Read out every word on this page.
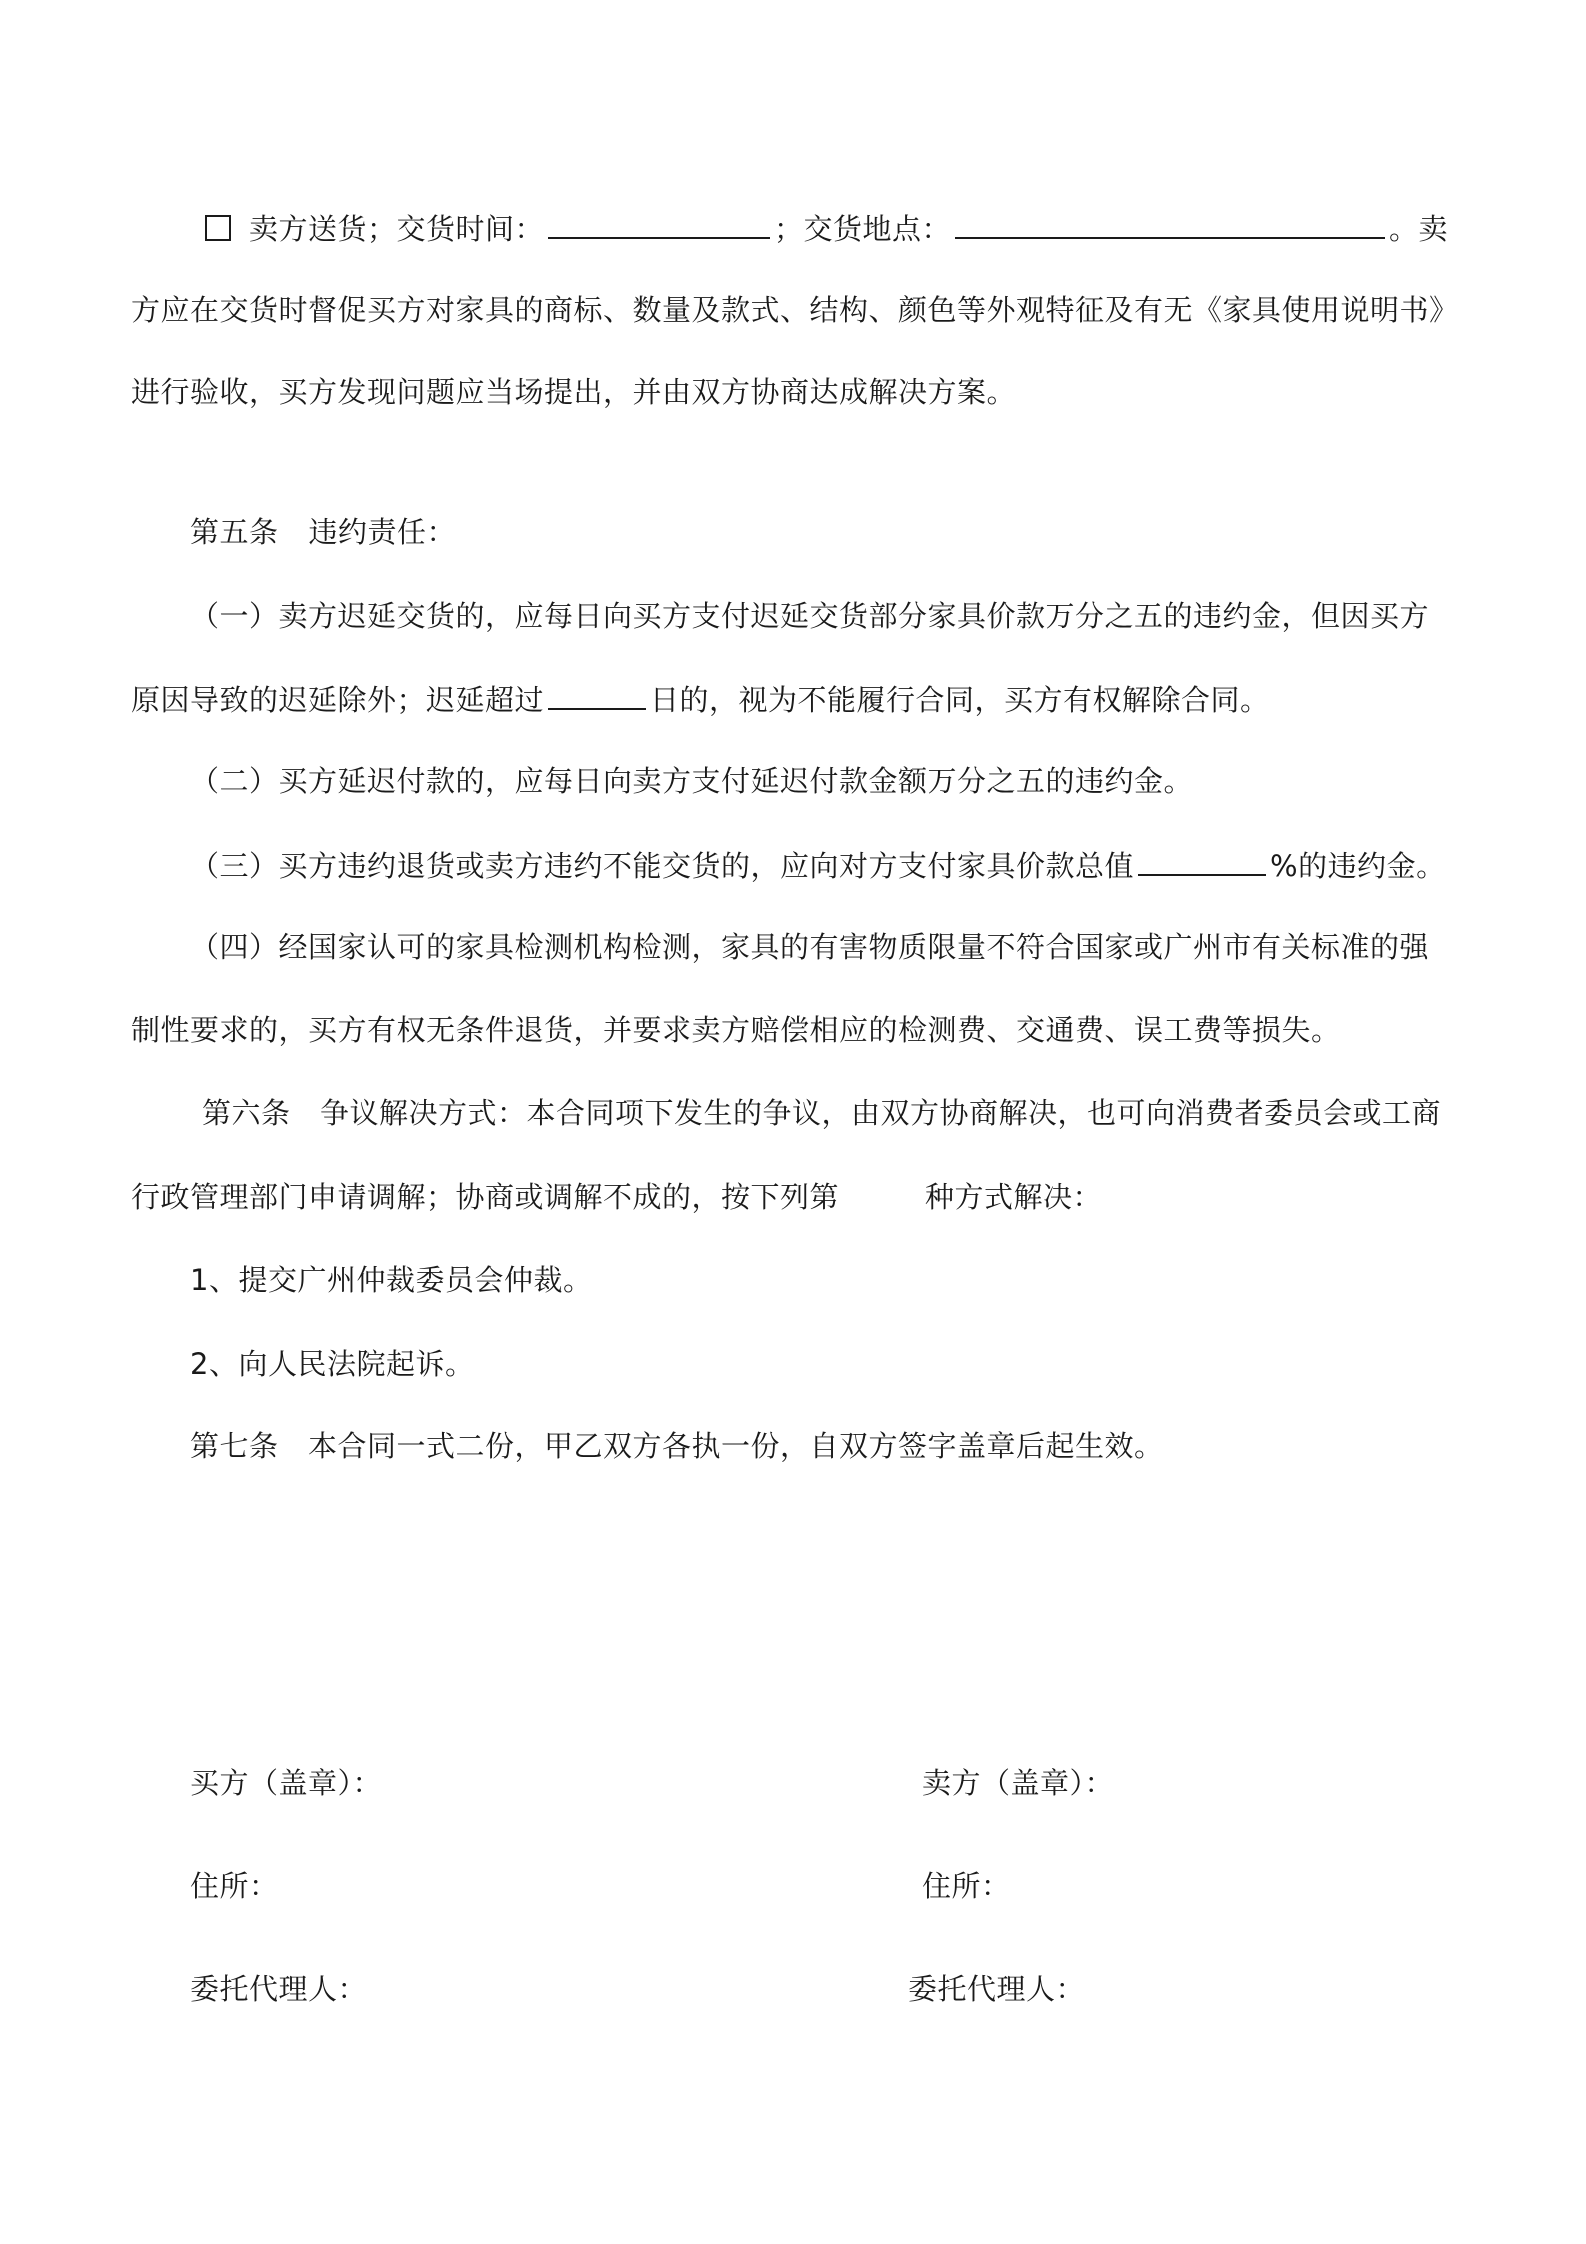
卖方送货；交货时间：	；交货地点：	。卖
方应在交货时督促买方对家具的商标、数量及款式、结构、颜色等外观特征及有无《家具使用说明书》
进行验收，买方发现问题应当场提出，并由双方协商达成解决方案。
第五条 违约责任：
（一）卖方迟延交货的，应每日向买方支付迟延交货部分家具价款万分之五的违约金，但因买方
原因导致的迟延除外；迟延超过	日的，视为不能履行合同，买方有权解除合同。
（二）买方延迟付款的，应每日向卖方支付延迟付款金额万分之五的违约金。
（三）买方违约退货或卖方违约不能交货的，应向对方支付家具价款总值	%的违约金。
（四）经国家认可的家具检测机构检测，家具的有害物质限量不符合国家或广州市有关标准的强
制性要求的，买方有权无条件退货，并要求卖方赔偿相应的检测费、交通费、误工费等损失。
第六条　争议解决方式：本合同项下发生的争议，由双方协商解决，也可向消费者委员会或工商
行政管理部门申请调解；协商或调解不成的，按下列第	种方式解决：
1、提交广州仲裁委员会仲裁。
2、向人民法院起诉。
第七条　本合同一式二份，甲乙双方各执一份，自双方签字盖章后起生效。
买方（盖章）：	卖方（盖章）：
住所：	住所：
委托代理人：	委托代理人：
